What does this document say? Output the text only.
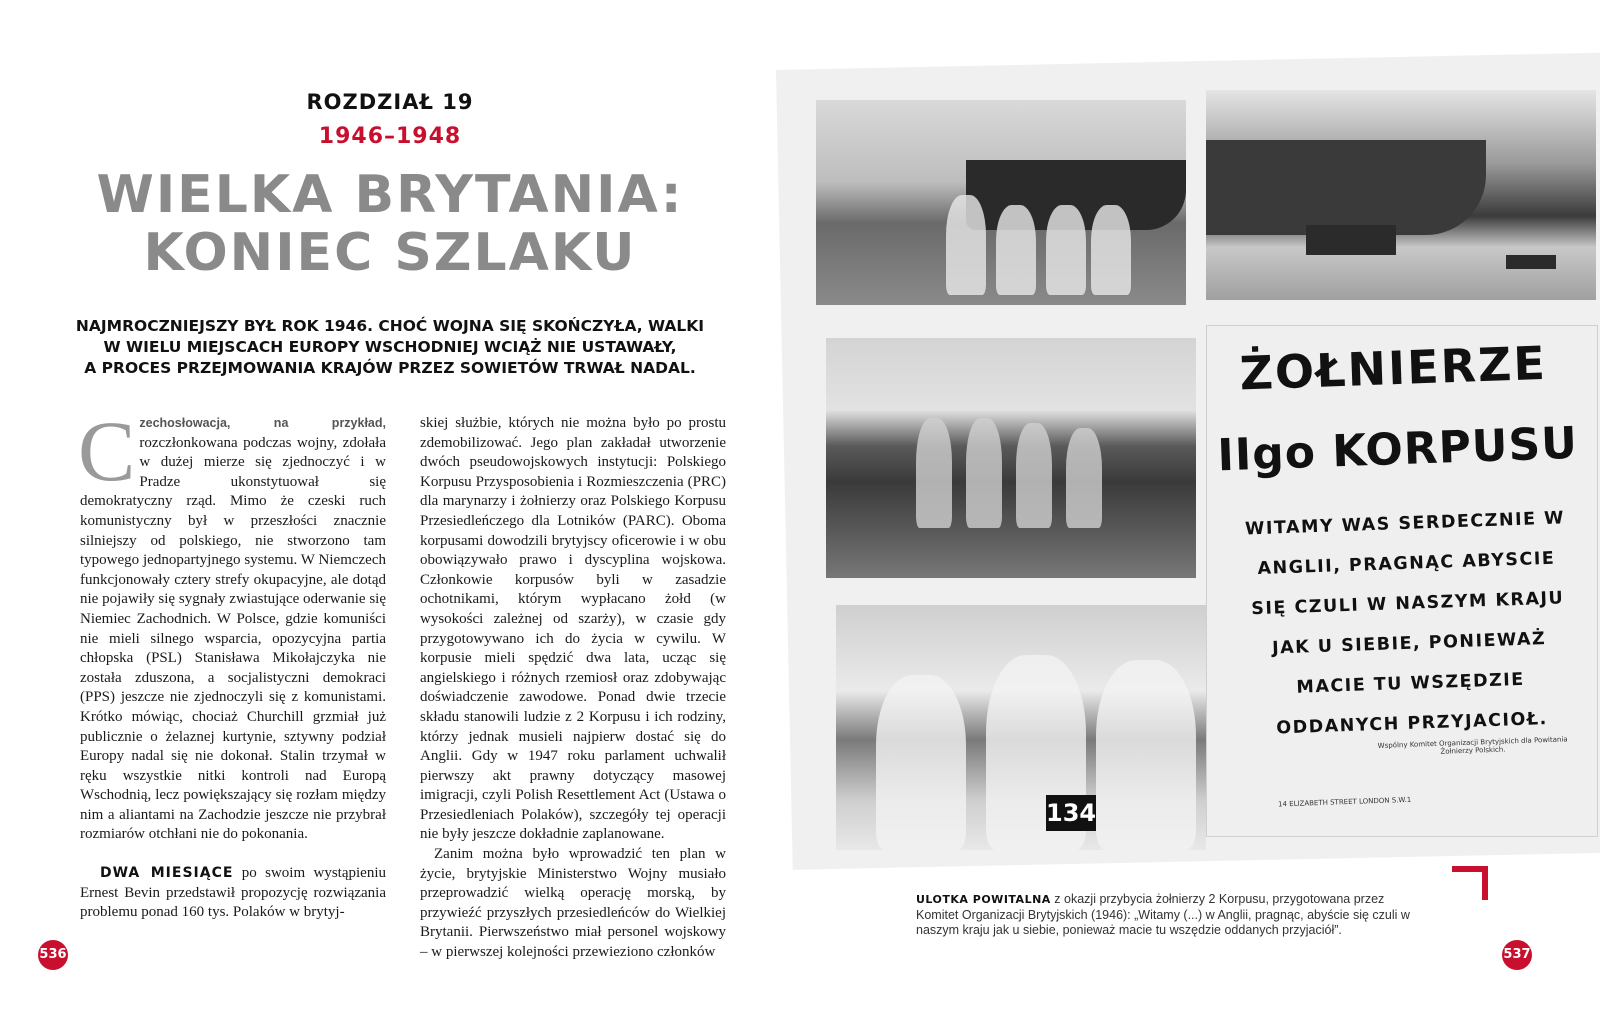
ROZDZIAŁ 19
1946–1948
WIELKA BRYTANIA:
KONIEC SZLAKU
NAJMROCZNIEJSZY BYŁ ROK 1946. CHOĆ WOJNA SIĘ SKOŃCZYŁA, WALKI
W WIELU MIEJSCACH EUROPY WSCHODNIEJ WCIĄŻ NIE USTAWAŁY,
A PROCES PRZEJMOWANIA KRAJÓW PRZEZ SOWIETÓW TRWAŁ NADAL.

Czechosłowacja, na przykład, rozczłonkowana podczas wojny, zdołała w dużej mierze się zjednoczyć i w Pradze ukonstytuował się demokratyczny rząd. Mimo że czeski ruch komunistyczny był w przeszłości znacznie silniejszy od polskiego, nie stworzono tam typowego jednopartyjnego systemu. W Niemczech funkcjonowały cztery strefy okupacyjne, ale dotąd nie pojawiły się sygnały zwiastujące oderwanie się Niemiec Zachodnich. W Polsce, gdzie komuniści nie mieli silnego wsparcia, opozycyjna partia chłopska (PSL) Stanisława Mikołajczyka nie została zduszona, a socjalistyczni demokraci (PPS) jeszcze nie zjednoczyli się z komunistami. Krótko mówiąc, chociaż Churchill grzmiał już publicznie o żelaznej kurtynie, sztywny podział Europy nadal się nie dokonał. Stalin trzymał w ręku wszystkie nitki kontroli nad Europą Wschodnią, lecz powiększający się rozłam między nim a aliantami na Zachodzie jeszcze nie przybrał rozmiarów otchłani nie do pokonania.

DWA MIESIĄCE po swoim wystąpieniu Ernest Bevin przedstawił propozycję rozwiązania problemu ponad 160 tys. Polaków w brytyj-

skiej służbie, których nie można było po prostu zdemobilizować. Jego plan zakładał utworzenie dwóch pseudowojskowych instytucji: Polskiego Korpusu Przysposobienia i Rozmieszczenia (PRC) dla marynarzy i żołnierzy oraz Polskiego Korpusu Przesiedleńczego dla Lotników (PARC). Oboma korpusami dowodzili brytyjscy oficerowie i w obu obowiązywało prawo i dyscyplina wojskowa. Członkowie korpusów byli w zasadzie ochotnikami, którym wypłacano żołd (w wysokości zależnej od szarży), w czasie gdy przygotowywano ich do życia w cywilu. W korpusie mieli spędzić dwa lata, ucząc się angielskiego i różnych rzemiosł oraz zdobywając doświadczenie zawodowe. Ponad dwie trzecie składu stanowili ludzie z 2 Korpusu i ich rodziny, którzy jednak musieli najpierw dostać się do Anglii. Gdy w 1947 roku parlament uchwalił pierwszy akt prawny dotyczący masowej imigracji, czyli Polish Resettlement Act (Ustawa o Przesiedleniach Polaków), szczegóły tej operacji nie były jeszcze dokładnie zaplanowane.

Zanim można było wprowadzić ten plan w życie, brytyjskie Ministerstwo Wojny musiało przeprowadzić wielką operację morską, by przywieźć przyszłych przesiedleńców do Wielkiej Brytanii. Pierwszeństwo miał personel wojskowy – w pierwszej kolejności przewieziono członków

536
134
ŻOŁNIERZE
IIgo KORPUSU
WITAMY WAS SERDECZNIE W ANGLII, PRAGNĄC ABYSCIE SIĘ CZULI W NASZYM KRAJU JAK U SIEBIE, PONIEWAŻ MACIE TU WSZĘDZIE ODDANYCH PRZYJACIOŁ.
Wspólny Komitet Organizacji Brytyjskich dla Powitania Żołnierzy Polskich.
14 ELIZABETH STREET LONDON S.W.1
ULOTKA POWITALNA z okazji przybycia żołnierzy 2 Korpusu, przygotowana przez Komitet Organizacji Brytyjskich (1946): „Witamy (...) w Anglii, pragnąc, abyście się czuli w naszym kraju jak u siebie, ponieważ macie tu wszędzie oddanych przyjaciół”.
537
